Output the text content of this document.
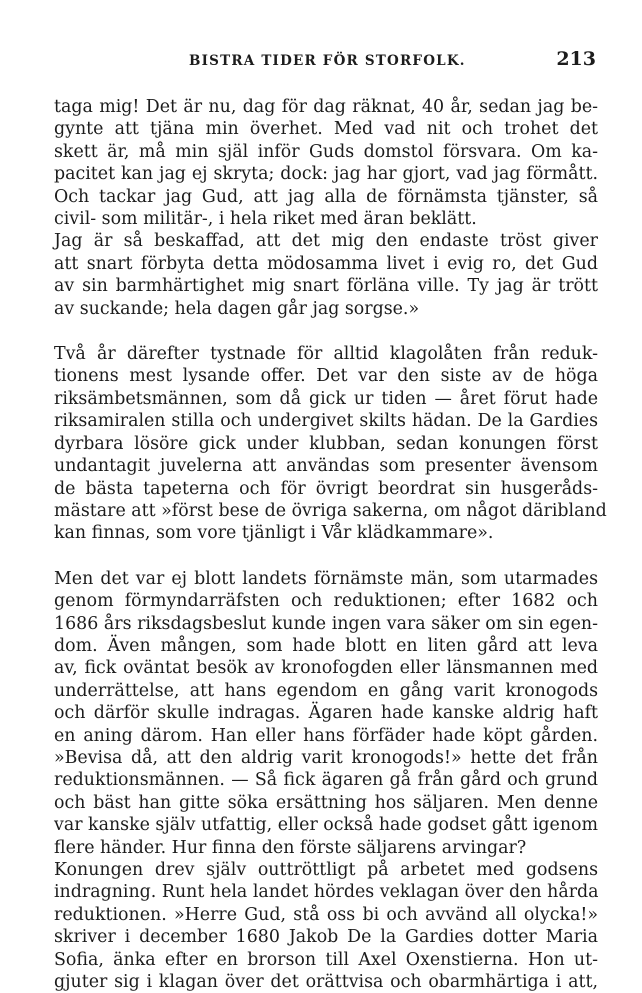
BISTRA TIDER FÖR STORFOLK.	213

taga mig! Det är nu, dag för dag räknat, 40 år, sedan jag be-
gynte att tjäna min överhet. Med vad nit och trohet det
skett är, må min själ inför Guds domstol försvara. Om ka-
pacitet kan jag ej skryta; dock: jag har gjort, vad jag förmått.
Och tackar jag Gud, att jag alla de förnämsta tjänster, så
civil- som militär-, i hela riket med äran beklätt.

Jag är så beskaffad, att det mig den endaste tröst giver
att snart förbyta detta mödosamma livet i evig ro, det Gud
av sin barmhärtighet mig snart förläna ville. Ty jag är trött
av suckande; hela dagen går jag sorgse.»

Två år därefter tystnade för alltid klagolåten från reduk-
tionens mest lysande offer. Det var den siste av de höga
riksämbetsmännen, som då gick ur tiden — året förut hade
riksamiralen stilla och undergivet skilts hädan. De la Gardies
dyrbara lösöre gick under klubban, sedan konungen först
undantagit juvelerna att användas som presenter ävensom
de bästa tapeterna och för övrigt beordrat sin husgeråds-
mästare att »först bese de övriga sakerna, om något däribland
kan finnas, som vore tjänligt i Vår klädkammare».

Men det var ej blott landets förnämste män, som utarmades
genom förmyndarräfsten och reduktionen; efter 1682 och
1686 års riksdagsbeslut kunde ingen vara säker om sin egen-
dom. Även mången, som hade blott en liten gård att leva
av, fick oväntat besök av kronofogden eller länsmannen med
underrättelse, att hans egendom en gång varit kronogods
och därför skulle indragas. Ägaren hade kanske aldrig haft
en aning därom. Han eller hans förfäder hade köpt gården.
»Bevisa då, att den aldrig varit kronogods!» hette det från
reduktionsmännen. — Så fick ägaren gå från gård och grund
och bäst han gitte söka ersättning hos säljaren. Men denne
var kanske själv utfattig, eller också hade godset gått igenom
flere händer. Hur finna den förste säljarens arvingar?

Konungen drev själv outtröttligt på arbetet med godsens
indragning. Runt hela landet hördes veklagan över den hårda
reduktionen. »Herre Gud, stå oss bi och avvänd all olycka!»
skriver i december 1680 Jakob De la Gardies dotter Maria
Sofia, änka efter en brorson till Axel Oxenstierna. Hon ut-
gjuter sig i klagan över det orättvisa och obarmhärtiga i att,
